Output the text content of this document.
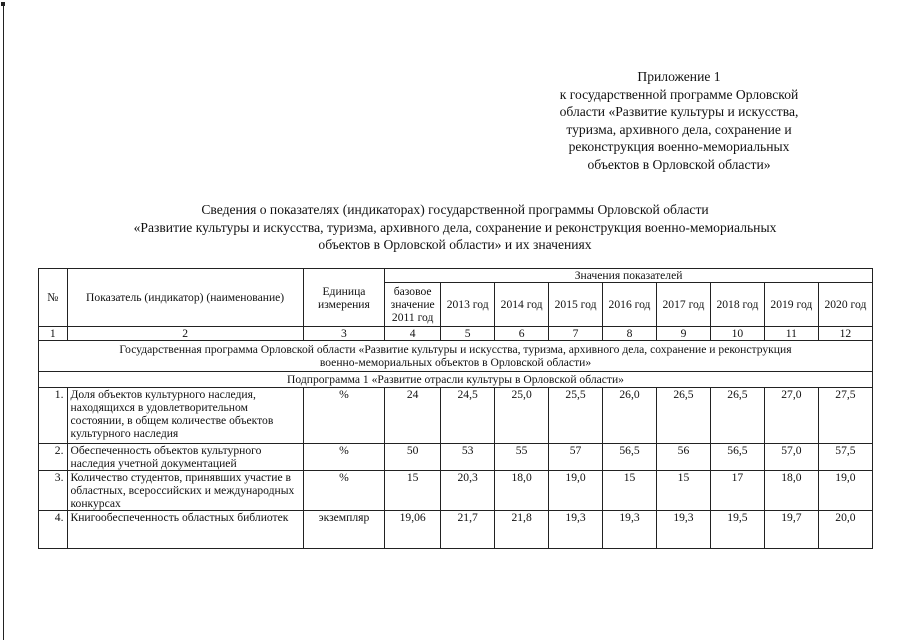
Приложение 1
к государственной программе Орловской
области «Развитие культуры и искусства,
туризма, архивного дела, сохранение и
реконструкция военно-мемориальных
объектов в Орловской области»
Сведения о показателях (индикаторах) государственной программы Орловской области
«Развитие культуры и искусства, туризма, архивного дела, сохранение и реконструкция военно-мемориальных
объектов в Орловской области» и их значениях
№	Показатель (индикатор) (наименование)	Единица измерения	Значения показателей								
			базовое значение 2011 год	2013 год	2014 год	2015 год	2016 год	2017 год	2018 год	2019 год	2020 год
1	2	3	4	5	6	7	8	9	10	11	12
Государственная программа Орловской области «Развитие культуры и искусства, туризма, архивного дела, сохранение и реконструкция военно-мемориальных объектов в Орловской области»											
Подпрограмма 1 «Развитие отрасли культуры в Орловской области»											
1.	Доля объектов культурного наследия, находящихся в удовлетворительном состоянии, в общем количестве объектов культурного наследия	%	24	24,5	25,0	25,5	26,0	26,5	26,5	27,0	27,5
2.	Обеспеченность объектов культурного наследия учетной документацией	%	50	53	55	57	56,5	56	56,5	57,0	57,5
3.	Количество студентов, принявших участие в областных, всероссийских и международных конкурсах	%	15	20,3	18,0	19,0	15	15	17	18,0	19,0
4.	Книгообеспеченность областных библиотек	экземпляр	19,06	21,7	21,8	19,3	19,3	19,3	19,5	19,7	20,0
